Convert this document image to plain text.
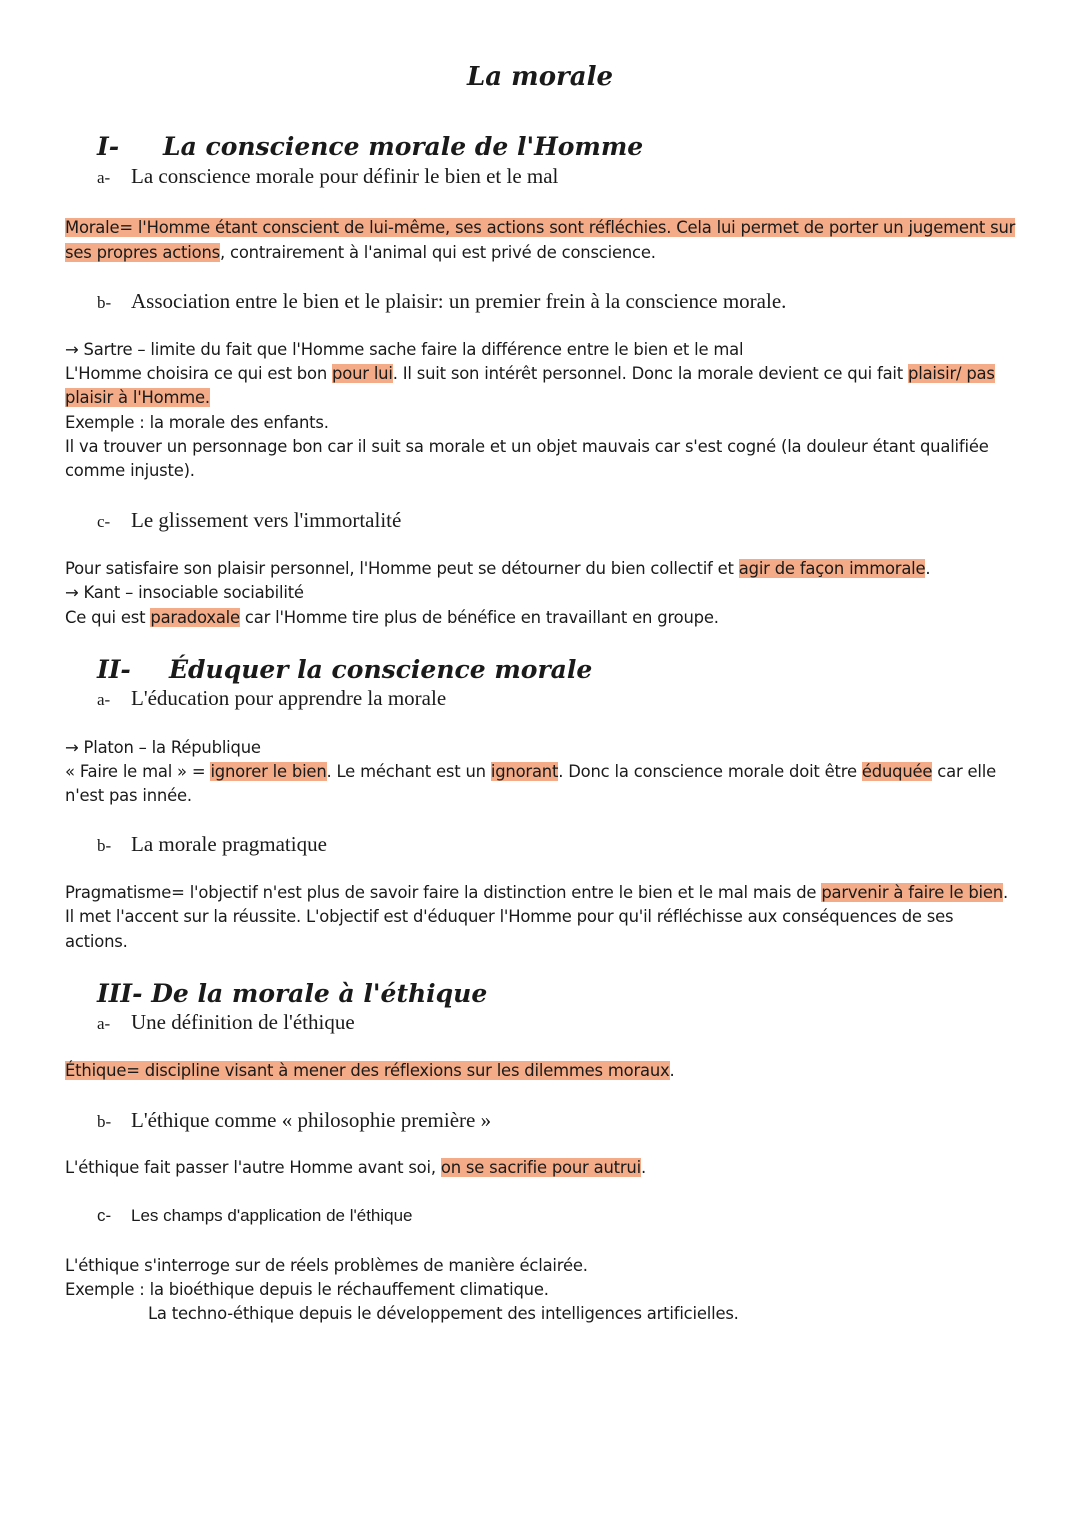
La morale
I- La conscience morale de l'Homme
a- La conscience morale pour définir le bien et le mal
Morale= l'Homme étant conscient de lui-même, ses actions sont réfléchies. Cela lui permet de porter un jugement sur
ses propres actions, contrairement à l'animal qui est privé de conscience.
b- Association entre le bien et le plaisir: un premier frein à la conscience morale.
→ Sartre – limite du fait que l'Homme sache faire la différence entre le bien et le mal
L'Homme choisira ce qui est bon pour lui. Il suit son intérêt personnel. Donc la morale devient ce qui fait plaisir/ pas
plaisir à l'Homme.
Exemple : la morale des enfants.
Il va trouver un personnage bon car il suit sa morale et un objet mauvais car s'est cogné (la douleur étant qualifiée
comme injuste).
c- Le glissement vers l'immortalité
Pour satisfaire son plaisir personnel, l'Homme peut se détourner du bien collectif et agir de façon immorale.
→ Kant – insociable sociabilité
Ce qui est paradoxale car l'Homme tire plus de bénéfice en travaillant en groupe.
II- Éduquer la conscience morale
a- L'éducation pour apprendre la morale
→ Platon – la République
« Faire le mal » = ignorer le bien. Le méchant est un ignorant. Donc la conscience morale doit être éduquée car elle
n'est pas innée.
b- La morale pragmatique
Pragmatisme= l'objectif n'est plus de savoir faire la distinction entre le bien et le mal mais de parvenir à faire le bien.
Il met l'accent sur la réussite. L'objectif est d'éduquer l'Homme pour qu'il réfléchisse aux conséquences de ses
actions.
III- De la morale à l'éthique
a- Une définition de l'éthique
Éthique= discipline visant à mener des réflexions sur les dilemmes moraux.
b- L'éthique comme « philosophie première »
L'éthique fait passer l'autre Homme avant soi, on se sacrifie pour autrui.
c- Les champs d'application de l'éthique
L'éthique s'interroge sur de réels problèmes de manière éclairée.
Exemple : la bioéthique depuis le réchauffement climatique.
La techno-éthique depuis le développement des intelligences artificielles.
